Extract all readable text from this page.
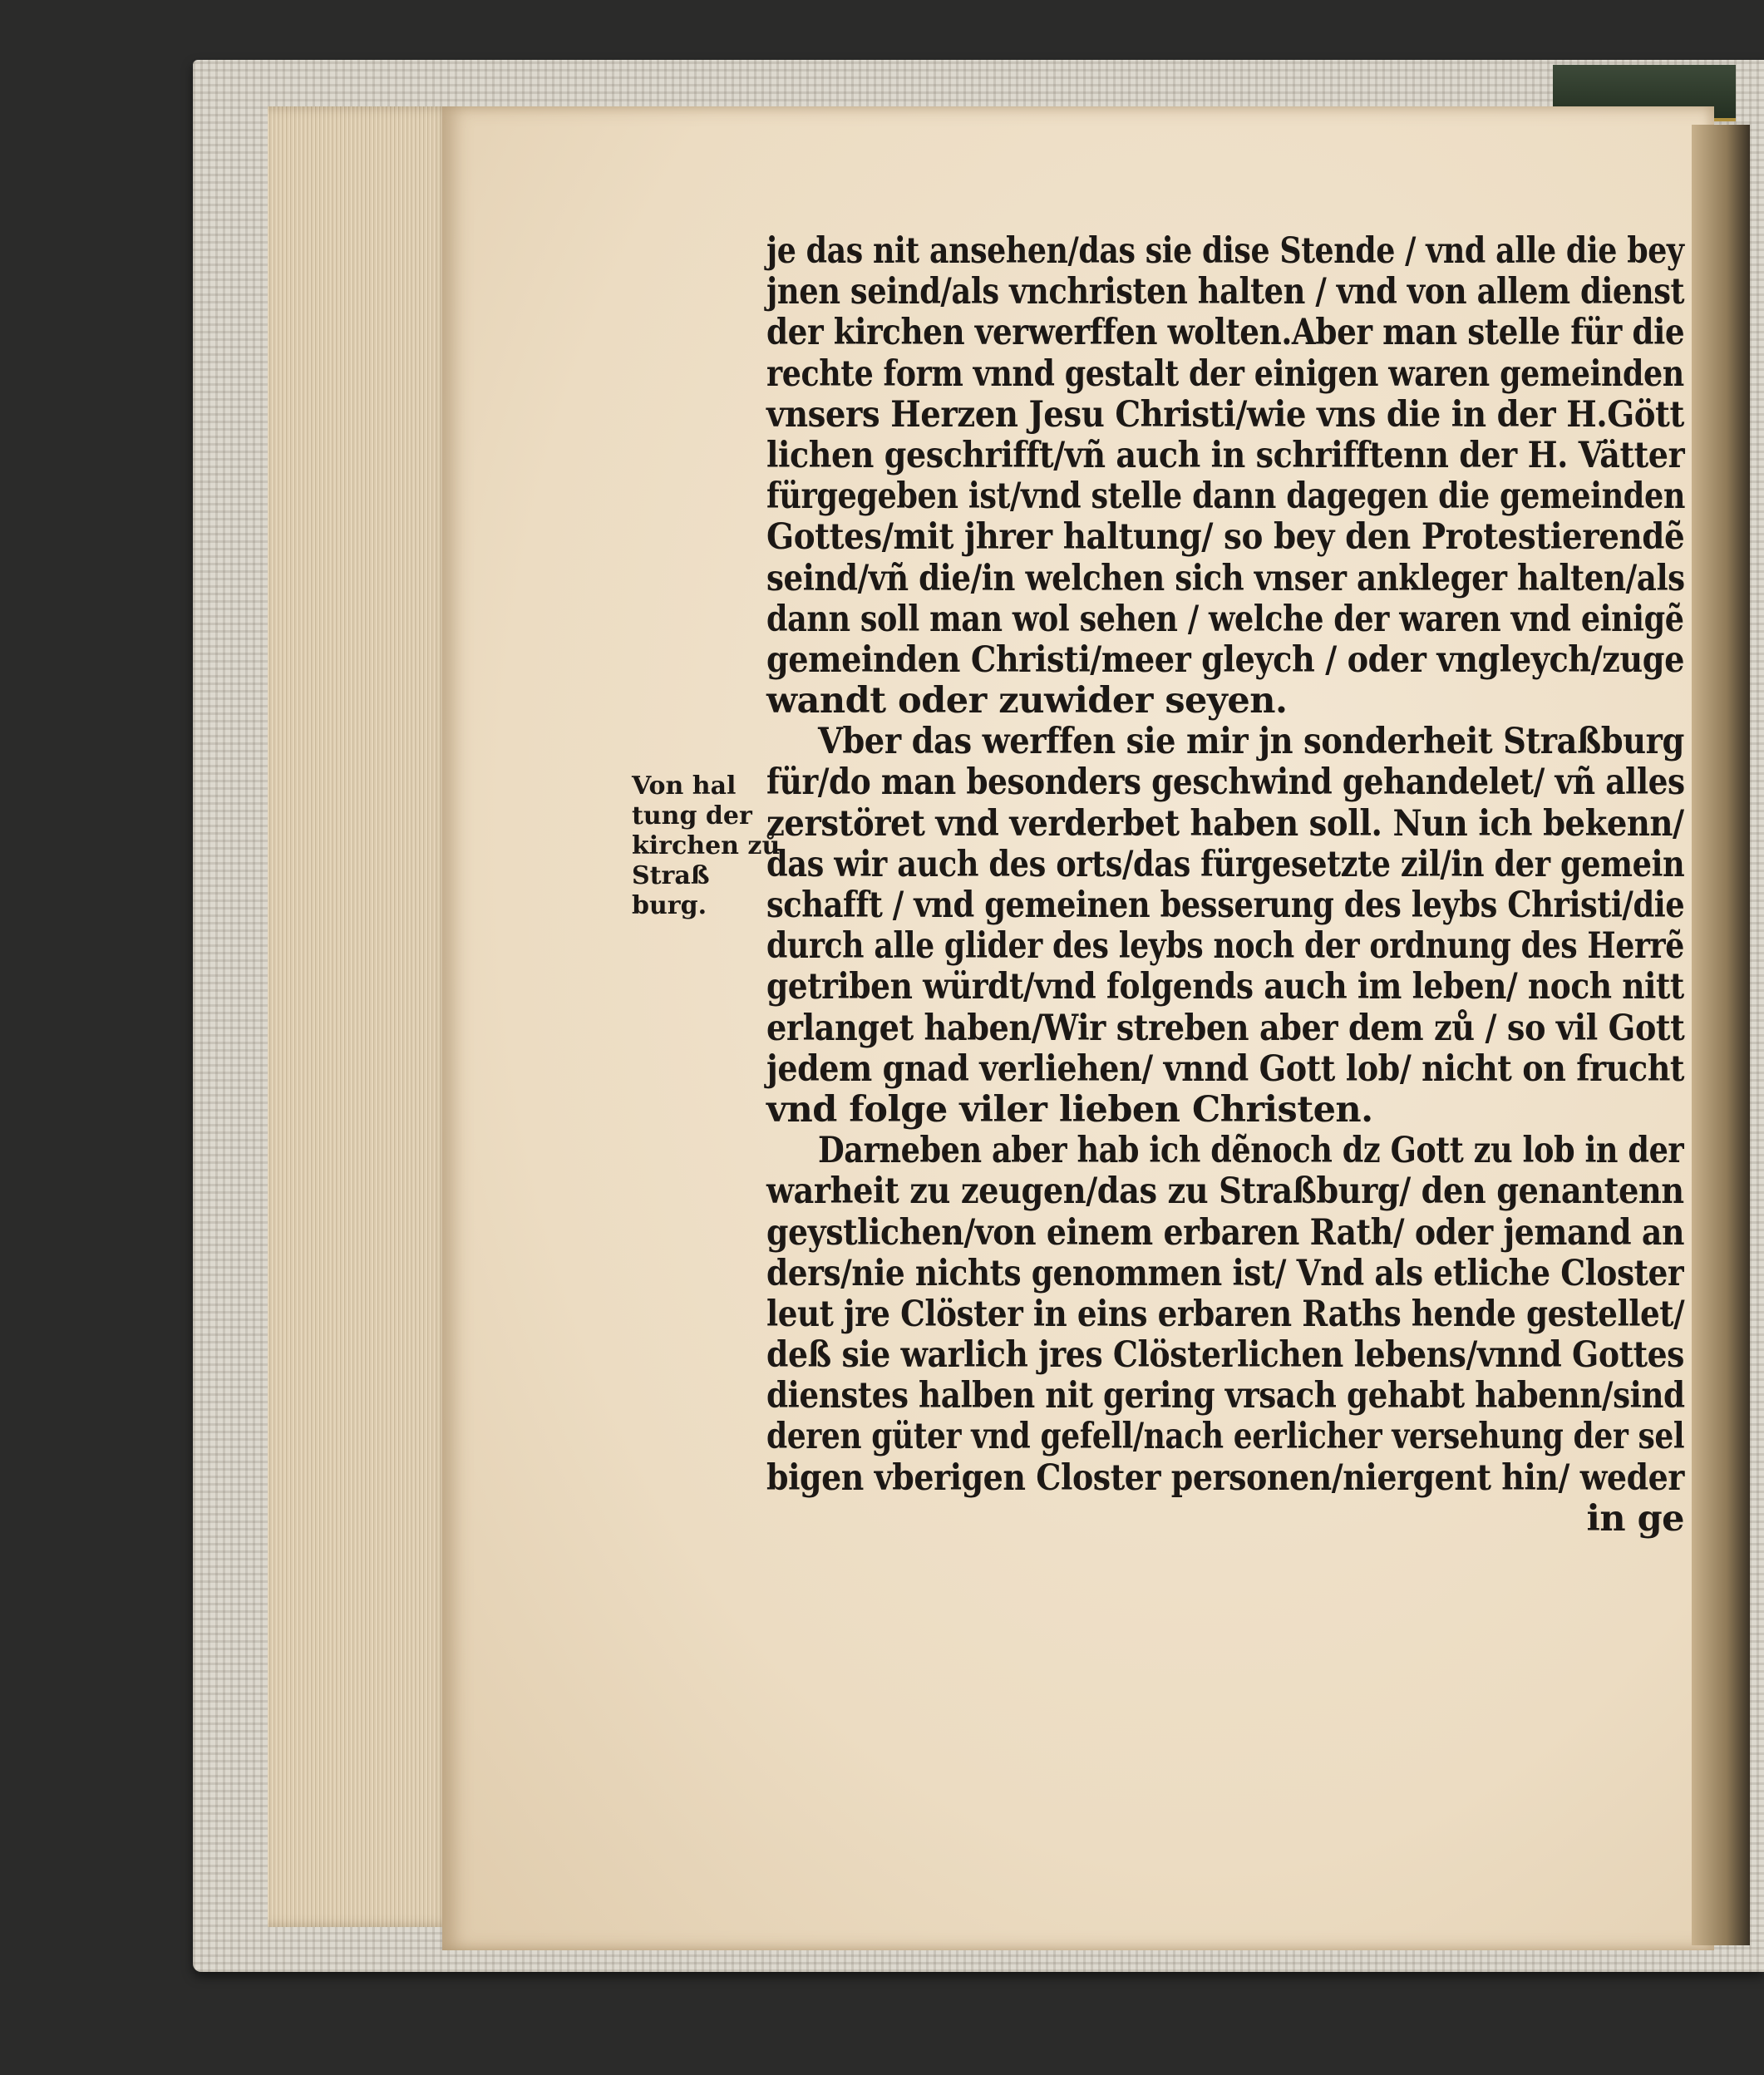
Von hal
tung der
kirchen zů
Straß
burg.
je das nit ansehen/das sie dise Stende / vnd alle die bey
jnen seind/als vnchristen halten / vnd von allem dienst
der kirchen verwerffen wolten.Aber man stelle für die
rechte form vnnd gestalt der einigen waren gemeinden
vnsers Herzen Jesu Christi/wie vns die in der H.Gött
lichen geschrifft/vñ auch in schrifftenn der H. Vätter
fürgegeben ist/vnd stelle dann dagegen die gemeinden
Gottes/mit jhrer haltung/ so bey den Protestierendẽ
seind/vñ die/in welchen sich vnser ankleger halten/als
dann soll man wol sehen / welche der waren vnd einigẽ
gemeinden Christi/meer gleych / oder vngleych/zuge
wandt oder zuwider seyen.
Vber das werffen sie mir jn sonderheit Straßburg
für/do man besonders geschwind gehandelet/ vñ alles
zerstöret vnd verderbet haben soll. Nun ich bekenn/
das wir auch des orts/das fürgesetzte zil/in der gemein
schafft / vnd gemeinen besserung des leybs Christi/die
durch alle glider des leybs noch der ordnung des Herrẽ
getriben würdt/vnd folgends auch im leben/ noch nitt
erlanget haben/Wir streben aber dem zů / so vil Gott
jedem gnad verliehen/ vnnd Gott lob/ nicht on frucht
vnd folge viler lieben Christen.
Darneben aber hab ich dẽnoch dz Gott zu lob in der
warheit zu zeugen/das zu Straßburg/ den genantenn
geystlichen/von einem erbaren Rath/ oder jemand an
ders/nie nichts genommen ist/ Vnd als etliche Closter
leut jre Clöster in eins erbaren Raths hende gestellet/
deß sie warlich jres Clösterlichen lebens/vnnd Gottes
dienstes halben nit gering vrsach gehabt habenn/sind
deren güter vnd gefell/nach eerlicher versehung der sel
bigen vberigen Closter personen/niergent hin/ weder
in ge
